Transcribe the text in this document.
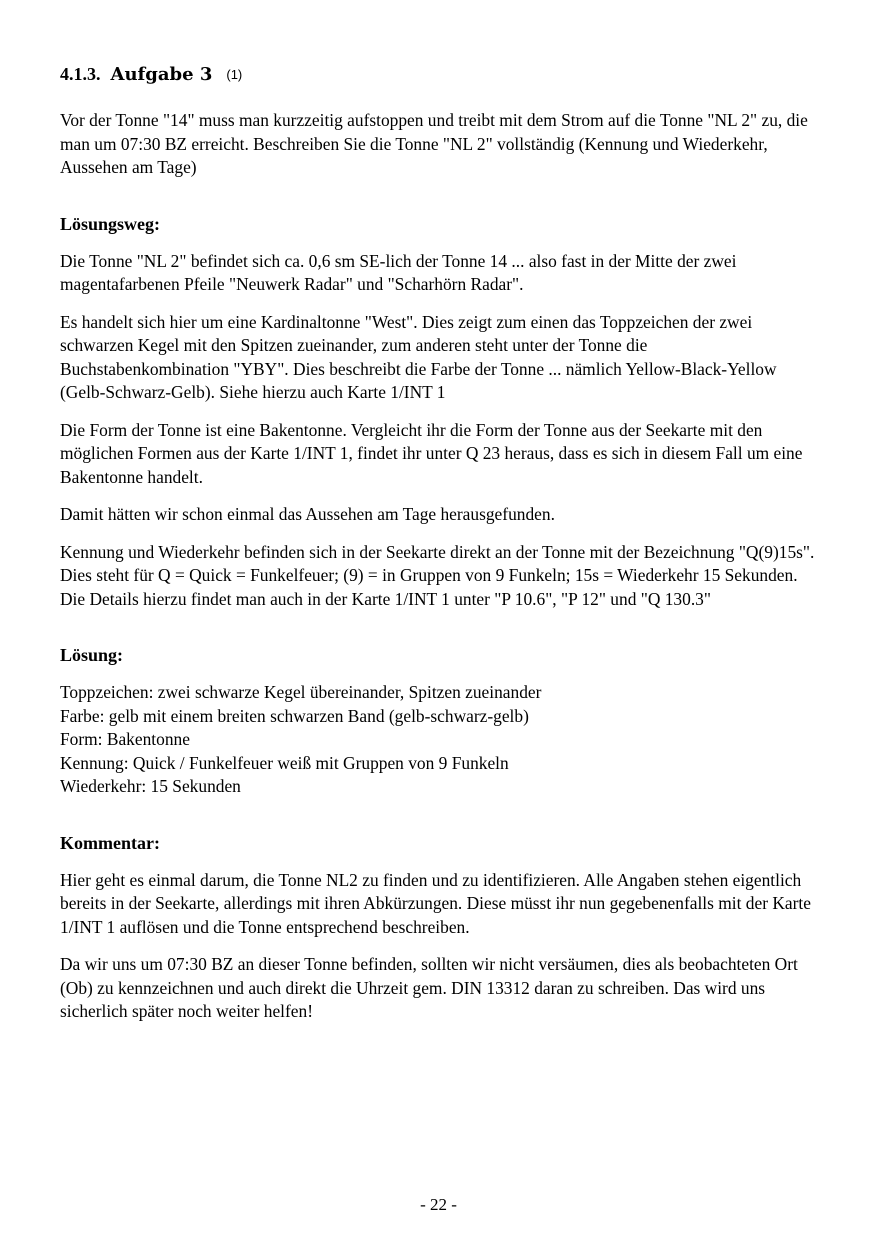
4.1.3. Aufgabe 3 (1)

Vor der Tonne "14" muss man kurzzeitig aufstoppen und treibt mit dem Strom auf die Tonne "NL 2" zu, die man um 07:30 BZ erreicht. Beschreiben Sie die Tonne "NL 2" vollständig (Kennung und Wiederkehr, Aussehen am Tage)

Lösungsweg:

Die Tonne "NL 2" befindet sich ca. 0,6 sm SE-lich der Tonne 14 ... also fast in der Mitte der zwei magentafarbenen Pfeile "Neuwerk Radar" und "Scharhörn Radar".

Es handelt sich hier um eine Kardinaltonne "West". Dies zeigt zum einen das Toppzeichen der zwei schwarzen Kegel mit den Spitzen zueinander, zum anderen steht unter der Tonne die Buchstabenkombination "YBY". Dies beschreibt die Farbe der Tonne ... nämlich Yellow-Black-Yellow (Gelb-Schwarz-Gelb). Siehe hierzu auch Karte 1/INT 1

Die Form der Tonne ist eine Bakentonne. Vergleicht ihr die Form der Tonne aus der Seekarte mit den möglichen Formen aus der Karte 1/INT 1, findet ihr unter Q 23 heraus, dass es sich in diesem Fall um eine Bakentonne handelt.

Damit hätten wir schon einmal das Aussehen am Tage herausgefunden.

Kennung und Wiederkehr befinden sich in der Seekarte direkt an der Tonne mit der Bezeichnung "Q(9)15s". Dies steht für Q = Quick = Funkelfeuer; (9) = in Gruppen von 9 Funkeln; 15s = Wiederkehr 15 Sekunden. Die Details hierzu findet man auch in der Karte 1/INT 1 unter "P 10.6", "P 12" und "Q 130.3"

Lösung:
Toppzeichen: zwei schwarze Kegel übereinander, Spitzen zueinander
Farbe: gelb mit einem breiten schwarzen Band (gelb-schwarz-gelb)
Form: Bakentonne
Kennung: Quick / Funkelfeuer weiß mit Gruppen von 9 Funkeln
Wiederkehr: 15 Sekunden
Kommentar:

Hier geht es einmal darum, die Tonne NL2 zu finden und zu identifizieren. Alle Angaben stehen eigentlich bereits in der Seekarte, allerdings mit ihren Abkürzungen. Diese müsst ihr nun gegebenenfalls mit der Karte 1/INT 1 auflösen und die Tonne entsprechend beschreiben.

Da wir uns um 07:30 BZ an dieser Tonne befinden, sollten wir nicht versäumen, dies als beobachteten Ort (Ob) zu kennzeichnen und auch direkt die Uhrzeit gem. DIN 13312 daran zu schreiben. Das wird uns sicherlich später noch weiter helfen!

- 22 -
